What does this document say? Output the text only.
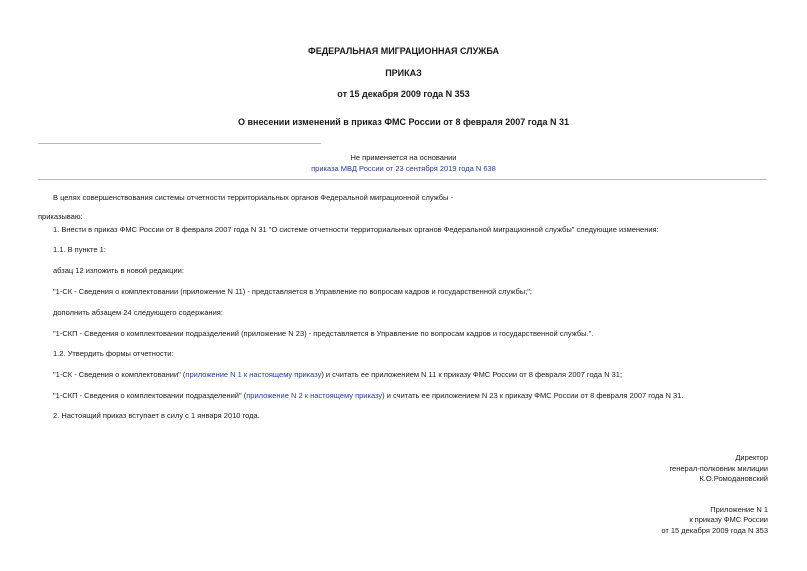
ФЕДЕРАЛЬНАЯ МИГРАЦИОННАЯ СЛУЖБА
ПРИКАЗ
от 15 декабря 2009 года N 353
О внесении изменений в приказ ФМС России от 8 февраля 2007 года N 31
Не применяется на основании
приказа МВД России от 23 сентября 2019 года N 638
В целях совершенствования системы отчетности территориальных органов Федеральной миграционной службы -
приказываю:
1. Внести в приказ ФМС России от 8 февраля 2007 года N 31 "О системе отчетности территориальных органов Федеральной миграционной службы" следующие изменения:
1.1. В пункте 1:
абзац 12 изложить в новой редакции:
"1-СК - Сведения о комплектовании (приложение N 11) - представляется в Управление по вопросам кадров и государственной службы;";
дополнить абзацем 24 следующего содержания:
"1-СКП - Сведения о комплектовании подразделений (приложение N 23) - представляется в Управление по вопросам кадров и государственной службы.".
1.2. Утвердить формы отчетности:
"1-СК - Сведения о комплектовании" (приложение N 1 к настоящему приказу) и считать ее приложением N 11 к приказу ФМС России от 8 февраля 2007 года N 31;
"1-СКП - Сведения о комплектовании подразделений" (приложение N 2 к настоящему приказу) и считать ее приложением N 23 к приказу ФМС России от 8 февраля 2007 года N 31.
2. Настоящий приказ вступает в силу с 1 января 2010 года.
Директор
генерал-полковник милиции
К.О.Ромодановский
Приложение N 1
к приказу ФМС России
от 15 декабря 2009 года N 353
